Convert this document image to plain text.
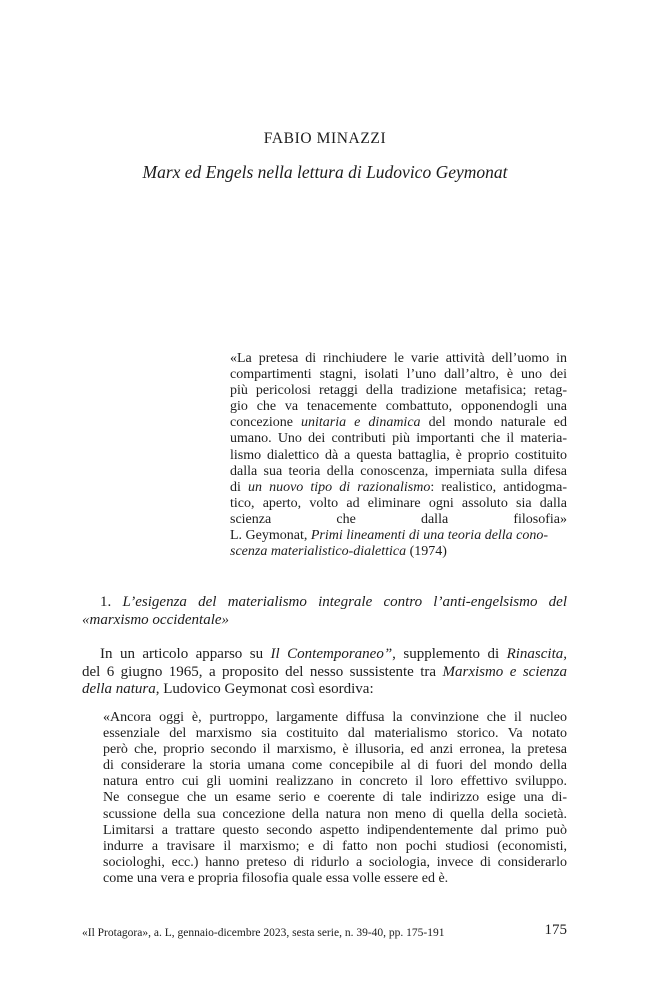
FABIO MINAZZI
Marx ed Engels nella lettura di Ludovico Geymonat
«La pretesa di rinchiudere le varie attività dell’uomo in
compartimenti stagni, isolati l’uno dall’altro, è uno dei
più pericolosi retaggi della tradizione metafisica; retag-
gio che va tenacemente combattuto, opponendogli una
concezione unitaria e dinamica del mondo naturale ed
umano. Uno dei contributi più importanti che il materia-
lismo dialettico dà a questa battaglia, è proprio costituito
dalla sua teoria della conoscenza, imperniata sulla difesa
di un nuovo tipo di razionalismo: realistico, antidogma-
tico, aperto, volto ad eliminare ogni assoluto sia dalla
scienza che dalla filosofia»
L. Geymonat, Primi lineamenti di una teoria della cono-
scenza materialistico-dialettica (1974)
1. L’esigenza del materialismo integrale contro l’anti-engelsismo del
«marxismo occidentale»
In un articolo apparso su Il Contemporaneo”, supplemento di Rinascita,
del 6 giugno 1965, a proposito del nesso sussistente tra Marxismo e scienza
della natura, Ludovico Geymonat così esordiva:
«Ancora oggi è, purtroppo, largamente diffusa la convinzione che il nucleo
essenziale del marxismo sia costituito dal materialismo storico. Va notato
però che, proprio secondo il marxismo, è illusoria, ed anzi erronea, la pretesa
di considerare la storia umana come concepibile al di fuori del mondo della
natura entro cui gli uomini realizzano in concreto il loro effettivo sviluppo.
Ne consegue che un esame serio e coerente di tale indirizzo esige una di-
scussione della sua concezione della natura non meno di quella della società.
Limitarsi a trattare questo secondo aspetto indipendentemente dal primo può
indurre a travisare il marxismo; e di fatto non pochi studiosi (economisti,
sociologhi, ecc.) hanno preteso di ridurlo a sociologia, invece di considerarlo
come una vera e propria filosofia quale essa volle essere ed è.
«Il Protagora», a. L, gennaio-dicembre 2023, sesta serie, n. 39-40, pp. 175-191	175
